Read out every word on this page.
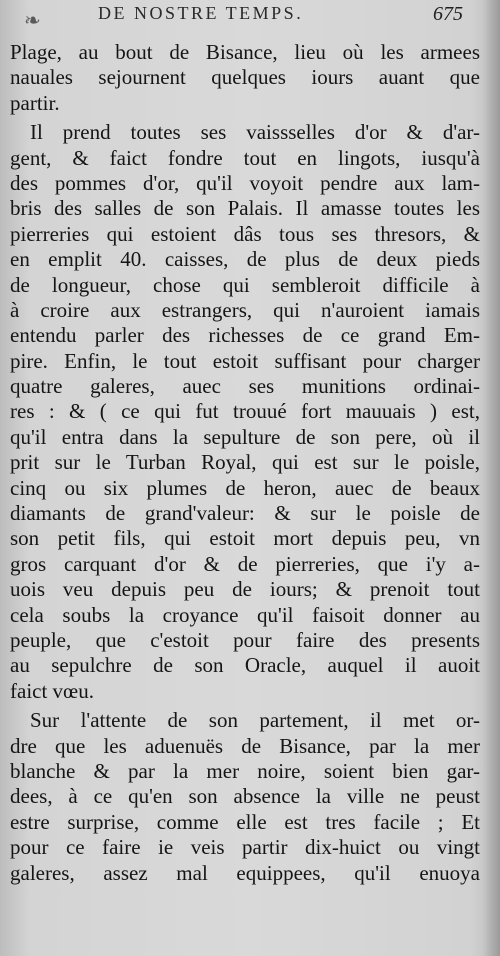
❧	DE NOSTRE TEMPS.	675
Plage, au bout de Bisance, lieu où les armees
nauales sejournent quelques iours auant que
partir.
Il prend toutes ses vaissselles d'or & d'ar-
gent, & faict fondre tout en lingots, iusqu'à
des pommes d'or, qu'il voyoit pendre aux lam-
bris des salles de son Palais. Il amasse toutes les
pierreries qui estoient dâs tous ses thresors, &
en emplit 40. caisses, de plus de deux pieds
de longueur, chose qui sembleroit difficile à
à croire aux estrangers, qui n'auroient iamais
entendu parler des richesses de ce grand Em-
pire. Enfin, le tout estoit suffisant pour charger
quatre galeres, auec ses munitions ordinai-
res : & ( ce qui fut trouué fort mauuais ) est,
qu'il entra dans la sepulture de son pere, où il
prit sur le Turban Royal, qui est sur le poisle,
cinq ou six plumes de heron, auec de beaux
diamants de grand'valeur: & sur le poisle de
son petit fils, qui estoit mort depuis peu, vn
gros carquant d'or & de pierreries, que i'y a-
uois veu depuis peu de iours; & prenoit tout
cela soubs la croyance qu'il faisoit donner au
peuple, que c'estoit pour faire des presents
au sepulchre de son Oracle, auquel il auoit
faict vœu.
Sur l'attente de son partement, il met or-
dre que les aduenuës de Bisance, par la mer
blanche & par la mer noire, soient bien gar-
dees, à ce qu'en son absence la ville ne peust
estre surprise, comme elle est tres facile ; Et
pour ce faire ie veis partir dix-huict ou vingt
galeres, assez mal equippees, qu'il enuoya
